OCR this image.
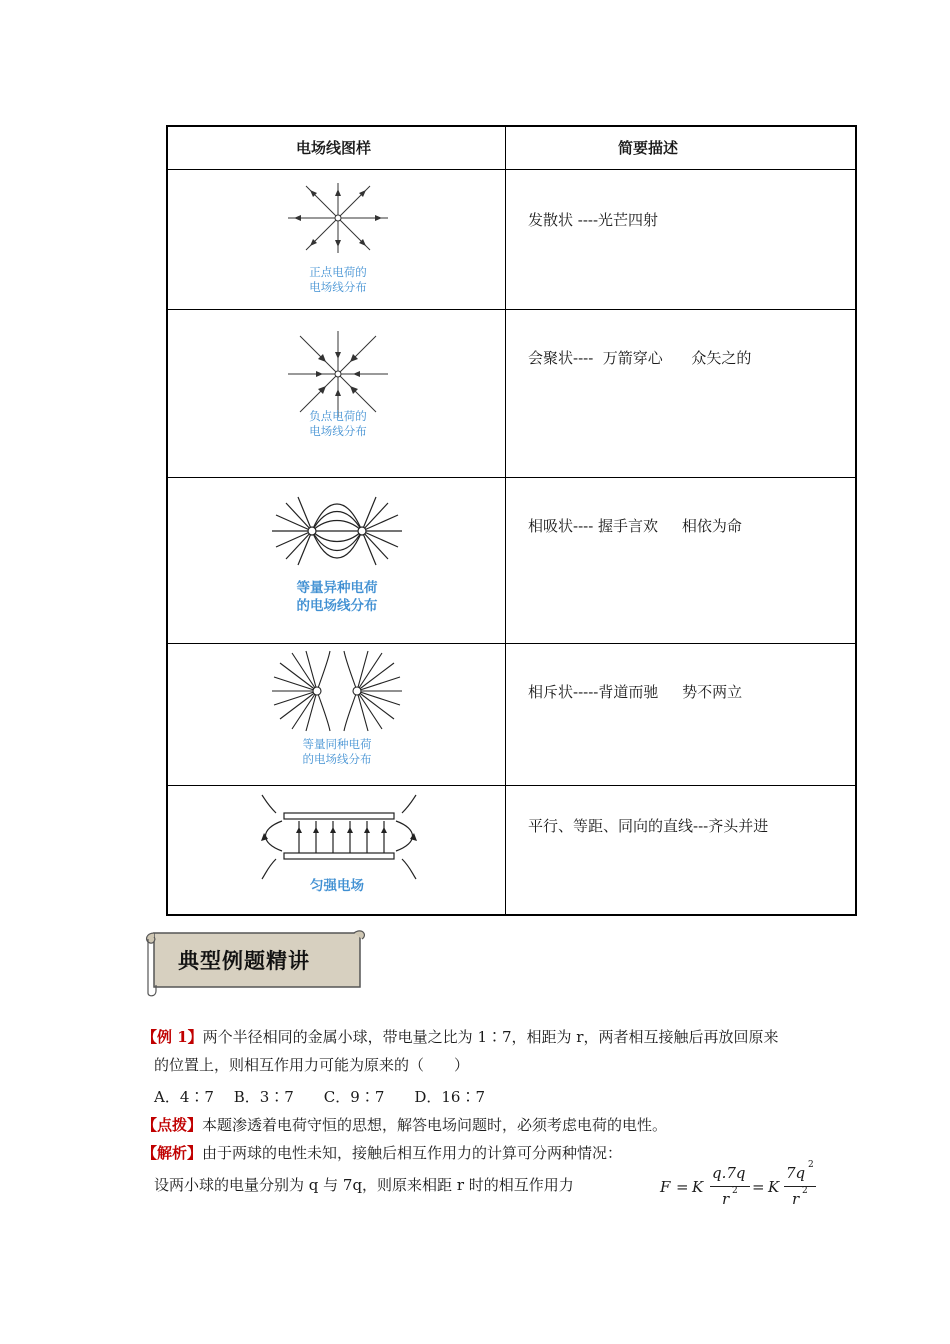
电场线图样	简要描述
正点电荷的
电场线分布
发散状 ----光芒四射
负点电荷的
电场线分布
会聚状----  万箭穿心      众矢之的
等量异种电荷
的电场线分布
相吸状---- 握手言欢     相依为命
等量同种电荷
的电场线分布
相斥状-----背道而驰     势不两立
匀强电场
平行、等距、同向的直线---齐头并进
典型例题精讲
【例 1】两个半径相同的金属小球，带电量之比为 1∶7，相距为 r，两者相互接触后再放回原来
的位置上，则相互作用力可能为原来的（　　）
A．4∶7　 B．3∶7　　C．9∶7　　D．16∶7
【点拨】本题渗透着电荷守恒的思想，解答电场问题时，必须考虑电荷的电性。
【解析】由于两球的电性未知，接触后相互作用力的计算可分两种情况：
设两小球的电量分别为 q 与 7q，则原来相距 r 时的相互作用力	F = K
q.7q
r 2 = K
7q 2
r 2
